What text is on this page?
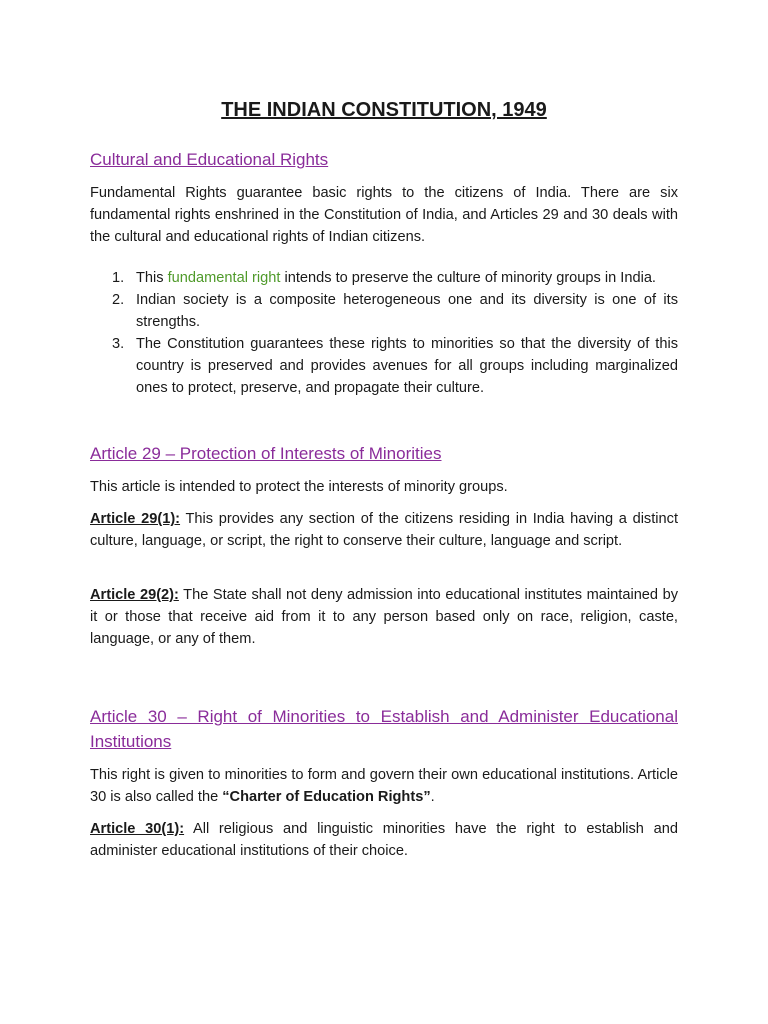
THE INDIAN CONSTITUTION, 1949
Cultural and Educational Rights

Fundamental Rights guarantee basic rights to the citizens of India. There are six fundamental rights enshrined in the Constitution of India, and Articles 29 and 30 deals with the cultural and educational rights of Indian citizens.

1. This fundamental right intends to preserve the culture of minority groups in India.
2. Indian society is a composite heterogeneous one and its diversity is one of its strengths.
3. The Constitution guarantees these rights to minorities so that the diversity of this country is preserved and provides avenues for all groups including marginalized ones to protect, preserve, and propagate their culture.
Article 29 – Protection of Interests of Minorities

This article is intended to protect the interests of minority groups.

Article 29(1): This provides any section of the citizens residing in India having a distinct culture, language, or script, the right to conserve their culture, language and script.

Article 29(2): The State shall not deny admission into educational institutes maintained by it or those that receive aid from it to any person based only on race, religion, caste, language, or any of them.

Article 30 – Right of Minorities to Establish and Administer Educational Institutions

This right is given to minorities to form and govern their own educational institutions. Article 30 is also called the “Charter of Education Rights”.

Article 30(1): All religious and linguistic minorities have the right to establish and administer educational institutions of their choice.
